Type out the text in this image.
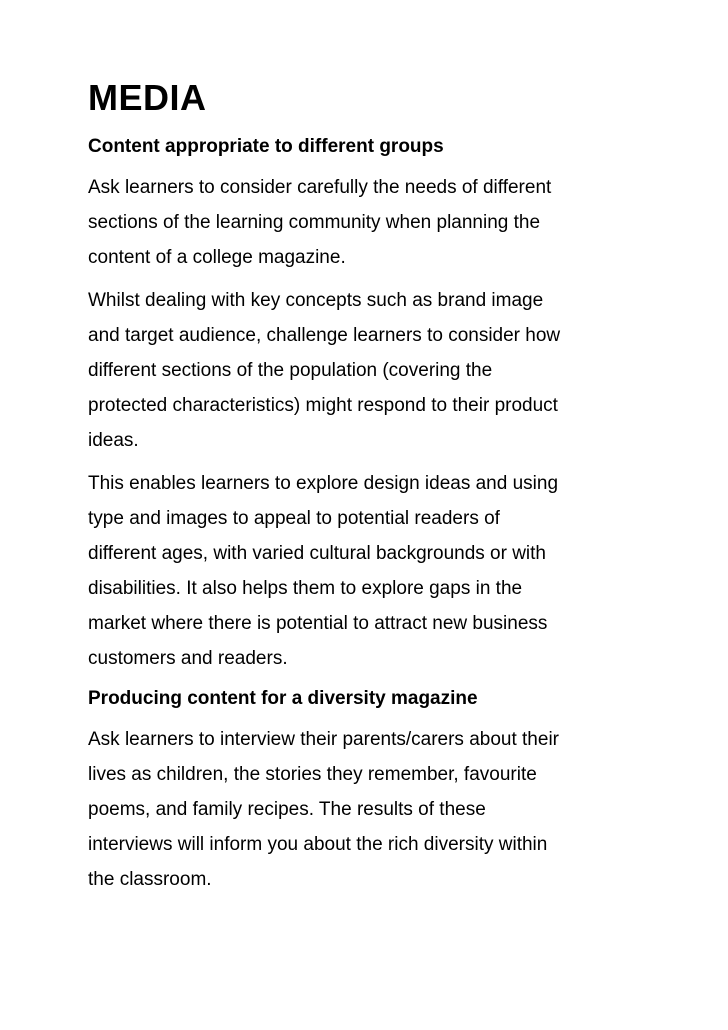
MEDIA
Content appropriate to different groups

Ask learners to consider carefully the needs of different
sections of the learning community when planning the
content of a college magazine.

Whilst dealing with key concepts such as brand image
and target audience, challenge learners to consider how
different sections of the population (covering the
protected characteristics) might respond to their product
ideas.

This enables learners to explore design ideas and using
type and images to appeal to potential readers of
different ages, with varied cultural backgrounds or with
disabilities. It also helps them to explore gaps in the
market where there is potential to attract new business
customers and readers.

Producing content for a diversity magazine

Ask learners to interview their parents/carers about their
lives as children, the stories they remember, favourite
poems, and family recipes. The results of these
interviews will inform you about the rich diversity within
the classroom.
